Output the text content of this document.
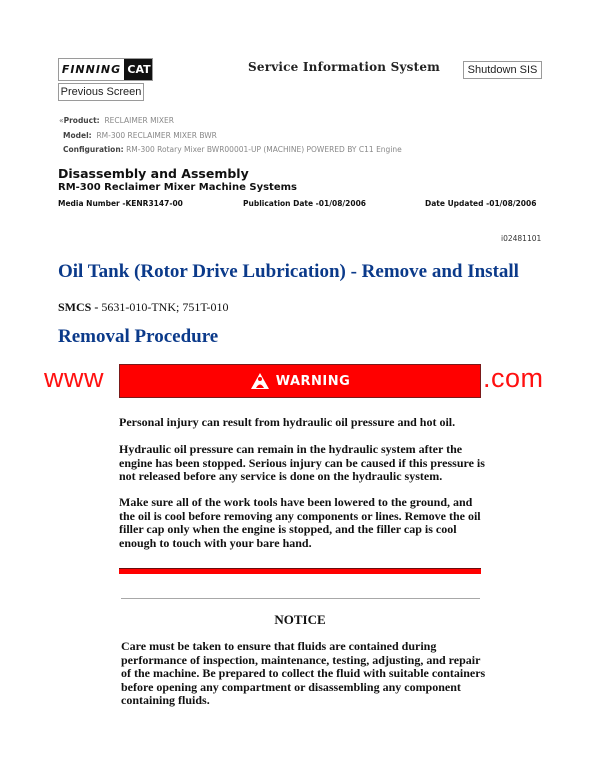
FINNING CAT
Previous Screen
Service Information System	Shutdown SIS
«Product: RECLAIMER MIXER
Model: RM-300 RECLAIMER MIXER BWR
Configuration: RM-300 Rotary Mixer BWR00001-UP (MACHINE) POWERED BY C11 Engine
Disassembly and Assembly
RM-300 Reclaimer Mixer Machine Systems
Media Number -KENR3147-00	Publication Date -01/08/2006	Date Updated -01/08/2006
i02481101
Oil Tank (Rotor Drive Lubrication) - Remove and Install
SMCS - 5631-010-TNK; 751T-010
Removal Procedure
www	.com
WARNING
Personal injury can result from hydraulic oil pressure and hot oil.
Hydraulic oil pressure can remain in the hydraulic system after the engine has been stopped. Serious injury can be caused if this pressure is not released before any service is done on the hydraulic system.
Make sure all of the work tools have been lowered to the ground, and the oil is cool before removing any components or lines. Remove the oil filler cap only when the engine is stopped, and the filler cap is cool enough to touch with your bare hand.
NOTICE
Care must be taken to ensure that fluids are contained during performance of inspection, maintenance, testing, adjusting, and repair of the machine. Be prepared to collect the fluid with suitable containers before opening any compartment or disassembling any component containing fluids.
